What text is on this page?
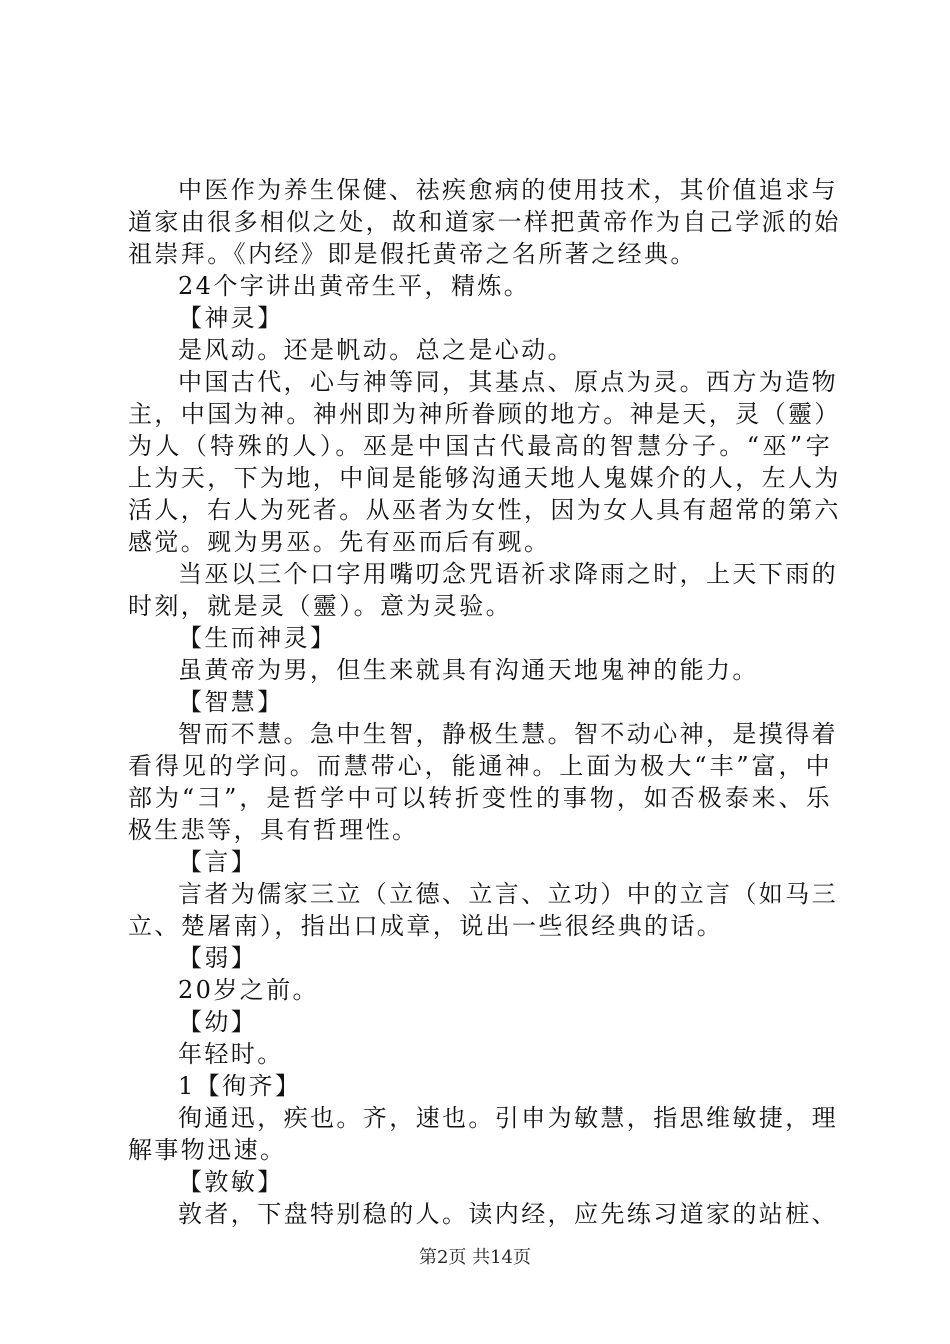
中医作为养生保健、祛疾愈病的使用技术，其价值追求与
道家由很多相似之处，故和道家一样把黄帝作为自己学派的始
祖崇拜。《内经》即是假托黄帝之名所著之经典。
24个字讲出黄帝生平，精炼。
【神灵】
是风动。还是帆动。总之是心动。
中国古代，心与神等同，其基点、原点为灵。西方为造物
主，中国为神。神州即为神所眷顾的地方。神是天，灵（靈）
为人（特殊的人）。巫是中国古代最高的智慧分子。“巫”字
上为天，下为地，中间是能够沟通天地人鬼媒介的人，左人为
活人，右人为死者。从巫者为女性，因为女人具有超常的第六
感觉。觋为男巫。先有巫而后有觋。
当巫以三个口字用嘴叨念咒语祈求降雨之时，上天下雨的
时刻，就是灵（靈）。意为灵验。
【生而神灵】
虽黄帝为男，但生来就具有沟通天地鬼神的能力。
【智慧】
智而不慧。急中生智，静极生慧。智不动心神，是摸得着
看得见的学问。而慧带心，能通神。上面为极大“丰”富，中
部为“彐”，是哲学中可以转折变性的事物，如否极泰来、乐
极生悲等，具有哲理性。
【言】
言者为儒家三立（立德、立言、立功）中的立言（如马三
立、楚屠南），指出口成章，说出一些很经典的话。
【弱】
20岁之前。
【幼】
年轻时。
1【徇齐】
徇通迅，疾也。齐，速也。引申为敏慧，指思维敏捷，理
解事物迅速。
【敦敏】
敦者，下盘特别稳的人。读内经，应先练习道家的站桩、
第2页 共14页
